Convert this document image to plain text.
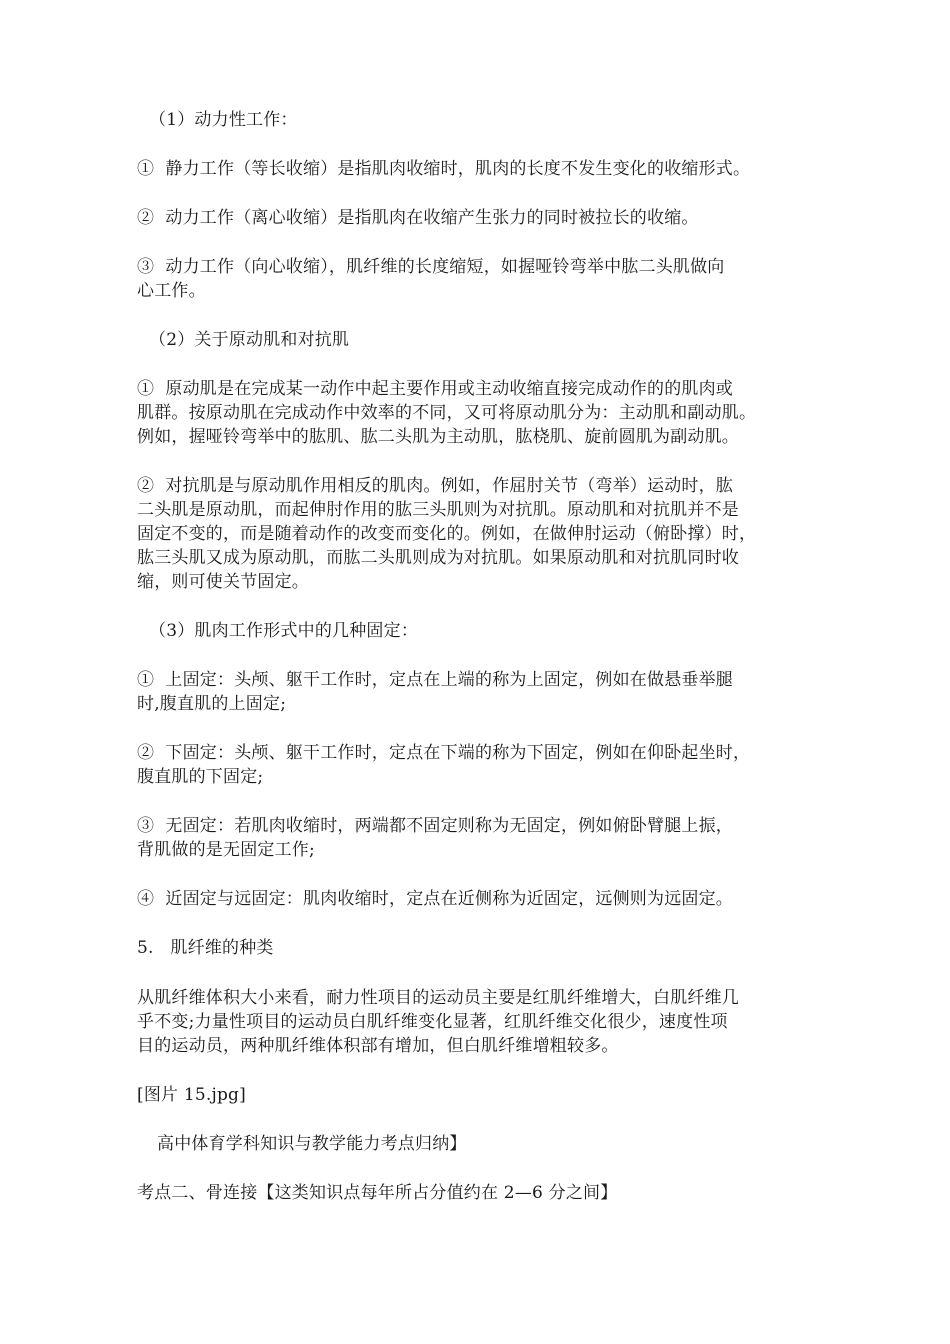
（1）动力性工作：

①  静力工作（等长收缩）是指肌肉收缩时，肌肉的长度不发生变化的收缩形式。

②  动力工作（离心收缩）是指肌肉在收缩产生张力的同时被拉长的收缩。

③  动力工作（向心收缩），肌纤维的长度缩短，如握哑铃弯举中肱二头肌做向
心工作。

（2）关于原动肌和对抗肌

①  原动肌是在完成某一动作中起主要作用或主动收缩直接完成动作的的肌肉或
肌群。按原动肌在完成动作中效率的不同，又可将原动肌分为：主动肌和副动肌。
例如，握哑铃弯举中的肱肌、肱二头肌为主动肌，肱桡肌、旋前圆肌为副动肌。

②  对抗肌是与原动肌作用相反的肌肉。例如，作屈肘关节（弯举）运动时，肱
二头肌是原动肌，而起伸肘作用的肱三头肌则为对抗肌。原动肌和对抗肌并不是
固定不变的，而是随着动作的改变而变化的。例如，在做伸肘运动（俯卧撑）时，
肱三头肌又成为原动肌，而肱二头肌则成为对抗肌。如果原动肌和对抗肌同时收
缩，则可使关节固定。

（3）肌肉工作形式中的几种固定：

①  上固定：头颅、躯干工作时，定点在上端的称为上固定，例如在做悬垂举腿
时,腹直肌的上固定;

②  下固定：头颅、躯干工作时，定点在下端的称为下固定，例如在仰卧起坐时，
腹直肌的下固定;

③  无固定：若肌肉收缩时，两端都不固定则称为无固定，例如俯卧臂腿上振，
背肌做的是无固定工作;

④  近固定与远固定：肌肉收缩时，定点在近侧称为近固定，远侧则为远固定。

5.   肌纤维的种类

从肌纤维体积大小来看，耐力性项目的运动员主要是红肌纤维增大，白肌纤维几
乎不变;力量性项目的运动员白肌纤维变化显著，红肌纤维交化很少，速度性项
目的运动员，两种肌纤维体积部有增加，但白肌纤维增粗较多。

[图片 15.jpg]

高中体育学科知识与教学能力考点归纳】

考点二、骨连接【这类知识点每年所占分值约在 2—6 分之间】
